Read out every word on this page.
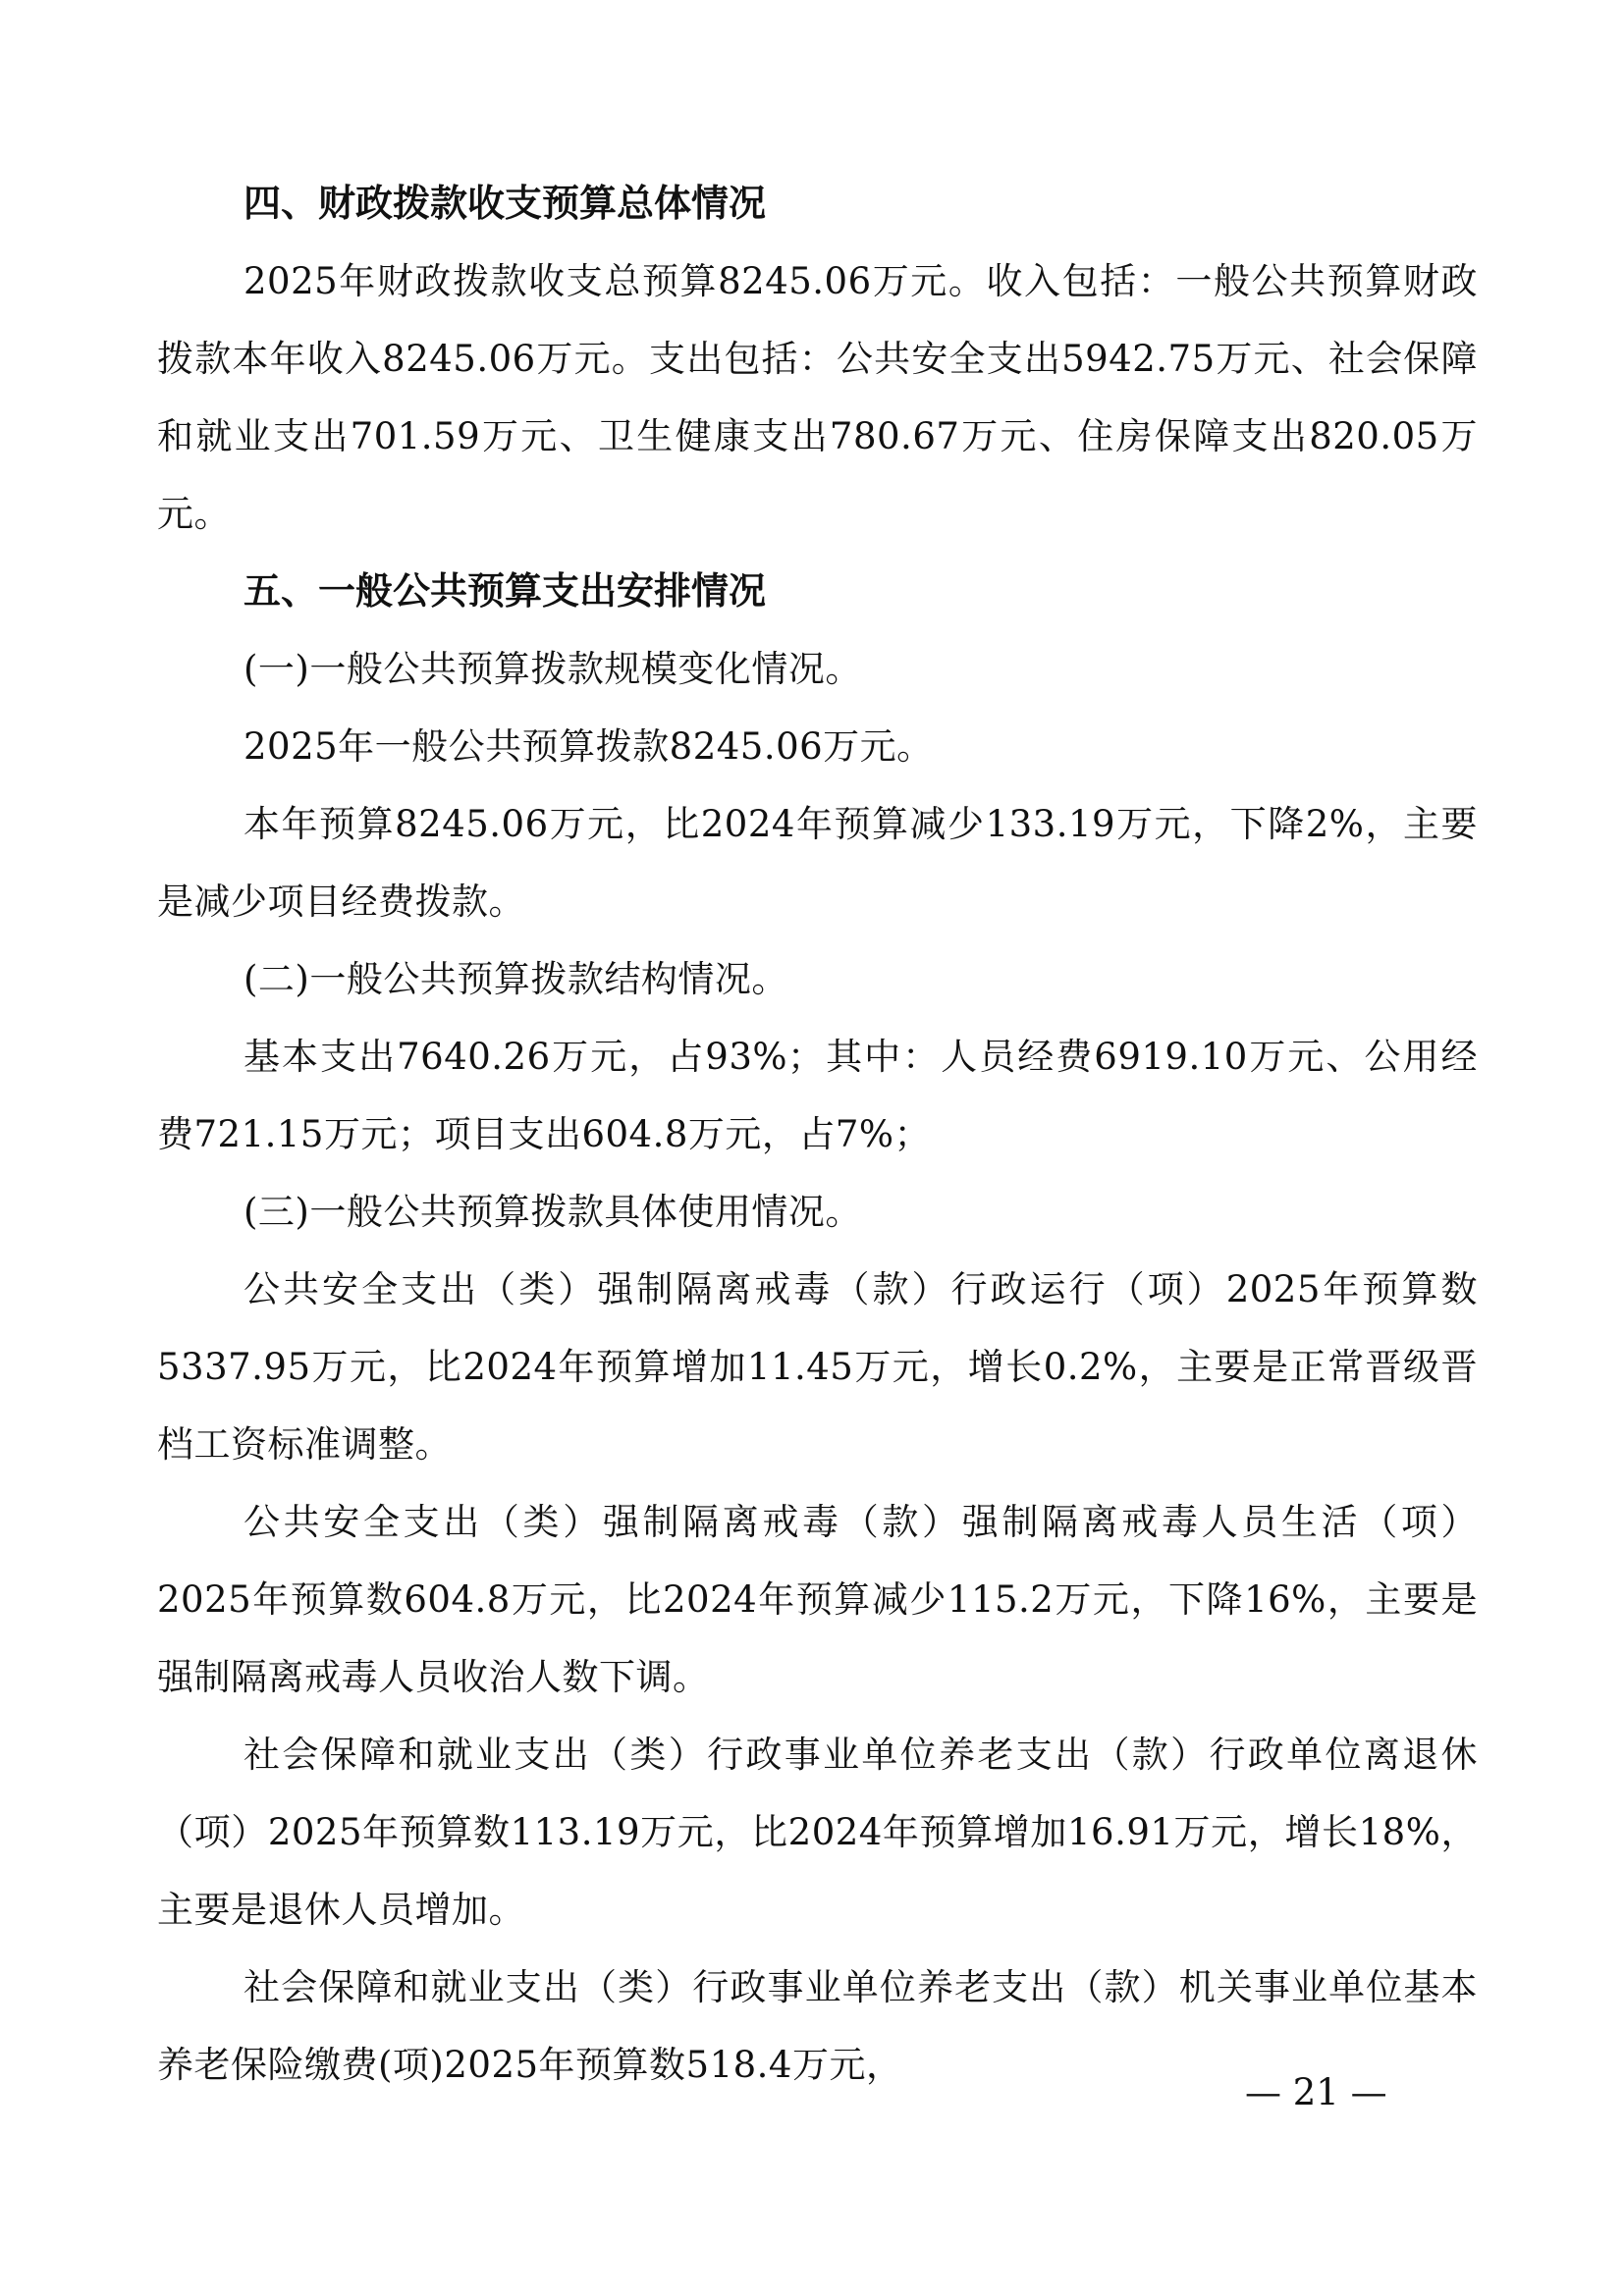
四、财政拨款收支预算总体情况

2025年财政拨款收支总预算8245.06万元。收入包括：一般公共预算财政拨款本年收入8245.06万元。支出包括：公共安全支出5942.75万元、社会保障和就业支出701.59万元、卫生健康支出780.67万元、住房保障支出820.05万元。

五、一般公共预算支出安排情况

(一)一般公共预算拨款规模变化情况。

2025年一般公共预算拨款8245.06万元。

本年预算8245.06万元，比2024年预算减少133.19万元，下降2%，主要是减少项目经费拨款。

(二)一般公共预算拨款结构情况。

基本支出7640.26万元，占93%；其中：人员经费6919.10万元、公用经费721.15万元；项目支出604.8万元，占7%；

(三)一般公共预算拨款具体使用情况。

公共安全支出（类）强制隔离戒毒（款）行政运行（项）2025年预算数5337.95万元，比2024年预算增加11.45万元，增长0.2%，主要是正常晋级晋档工资标准调整。

公共安全支出（类）强制隔离戒毒（款）强制隔离戒毒人员生活（项）2025年预算数604.8万元，比2024年预算减少115.2万元，下降16%，主要是强制隔离戒毒人员收治人数下调。

社会保障和就业支出（类）行政事业单位养老支出（款）行政单位离退休（项）2025年预算数113.19万元，比2024年预算增加16.91万元，增长18%，主要是退休人员增加。

社会保障和就业支出（类）行政事业单位养老支出（款）机关事业单位基本养老保险缴费(项)2025年预算数518.4万元，

— 21 —
